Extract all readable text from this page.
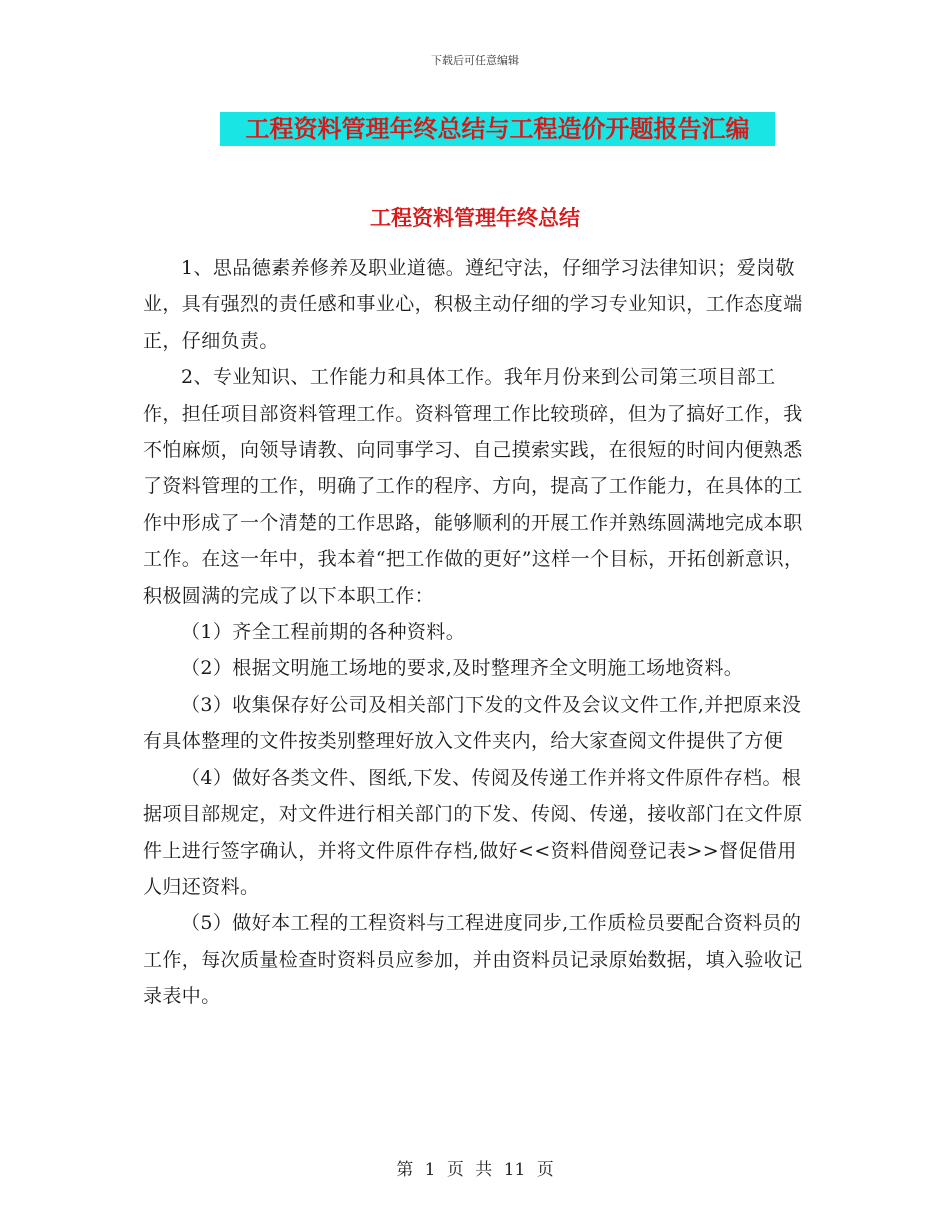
下载后可任意编辑
工程资料管理年终总结与工程造价开题报告汇编
工程资料管理年终总结

1、思品德素养修养及职业道德。遵纪守法，仔细学习法律知识；爱岗敬业，具有强烈的责任感和事业心，积极主动仔细的学习专业知识，工作态度端正，仔细负责。

2、专业知识、工作能力和具体工作。我年月份来到公司第三项目部工作，担任项目部资料管理工作。资料管理工作比较琐碎，但为了搞好工作，我不怕麻烦，向领导请教、向同事学习、自己摸索实践，在很短的时间内便熟悉了资料管理的工作，明确了工作的程序、方向，提高了工作能力，在具体的工作中形成了一个清楚的工作思路，能够顺利的开展工作并熟练圆满地完成本职工作。在这一年中，我本着“把工作做的更好”这样一个目标，开拓创新意识，积极圆满的完成了以下本职工作：

（1）齐全工程前期的各种资料。

（2）根据文明施工场地的要求,及时整理齐全文明施工场地资料。

（3）收集保存好公司及相关部门下发的文件及会议文件工作,并把原来没有具体整理的文件按类别整理好放入文件夹内，给大家查阅文件提供了方便

（4）做好各类文件、图纸,下发、传阅及传递工作并将文件原件存档。根据项目部规定，对文件进行相关部门的下发、传阅、传递，接收部门在文件原件上进行签字确认，并将文件原件存档,做好<<资料借阅登记表>>督促借用人归还资料。

（5）做好本工程的工程资料与工程进度同步,工作质检员要配合资料员的工作，每次质量检查时资料员应参加，并由资料员记录原始数据，填入验收记录表中。

第 1 页 共 11 页
